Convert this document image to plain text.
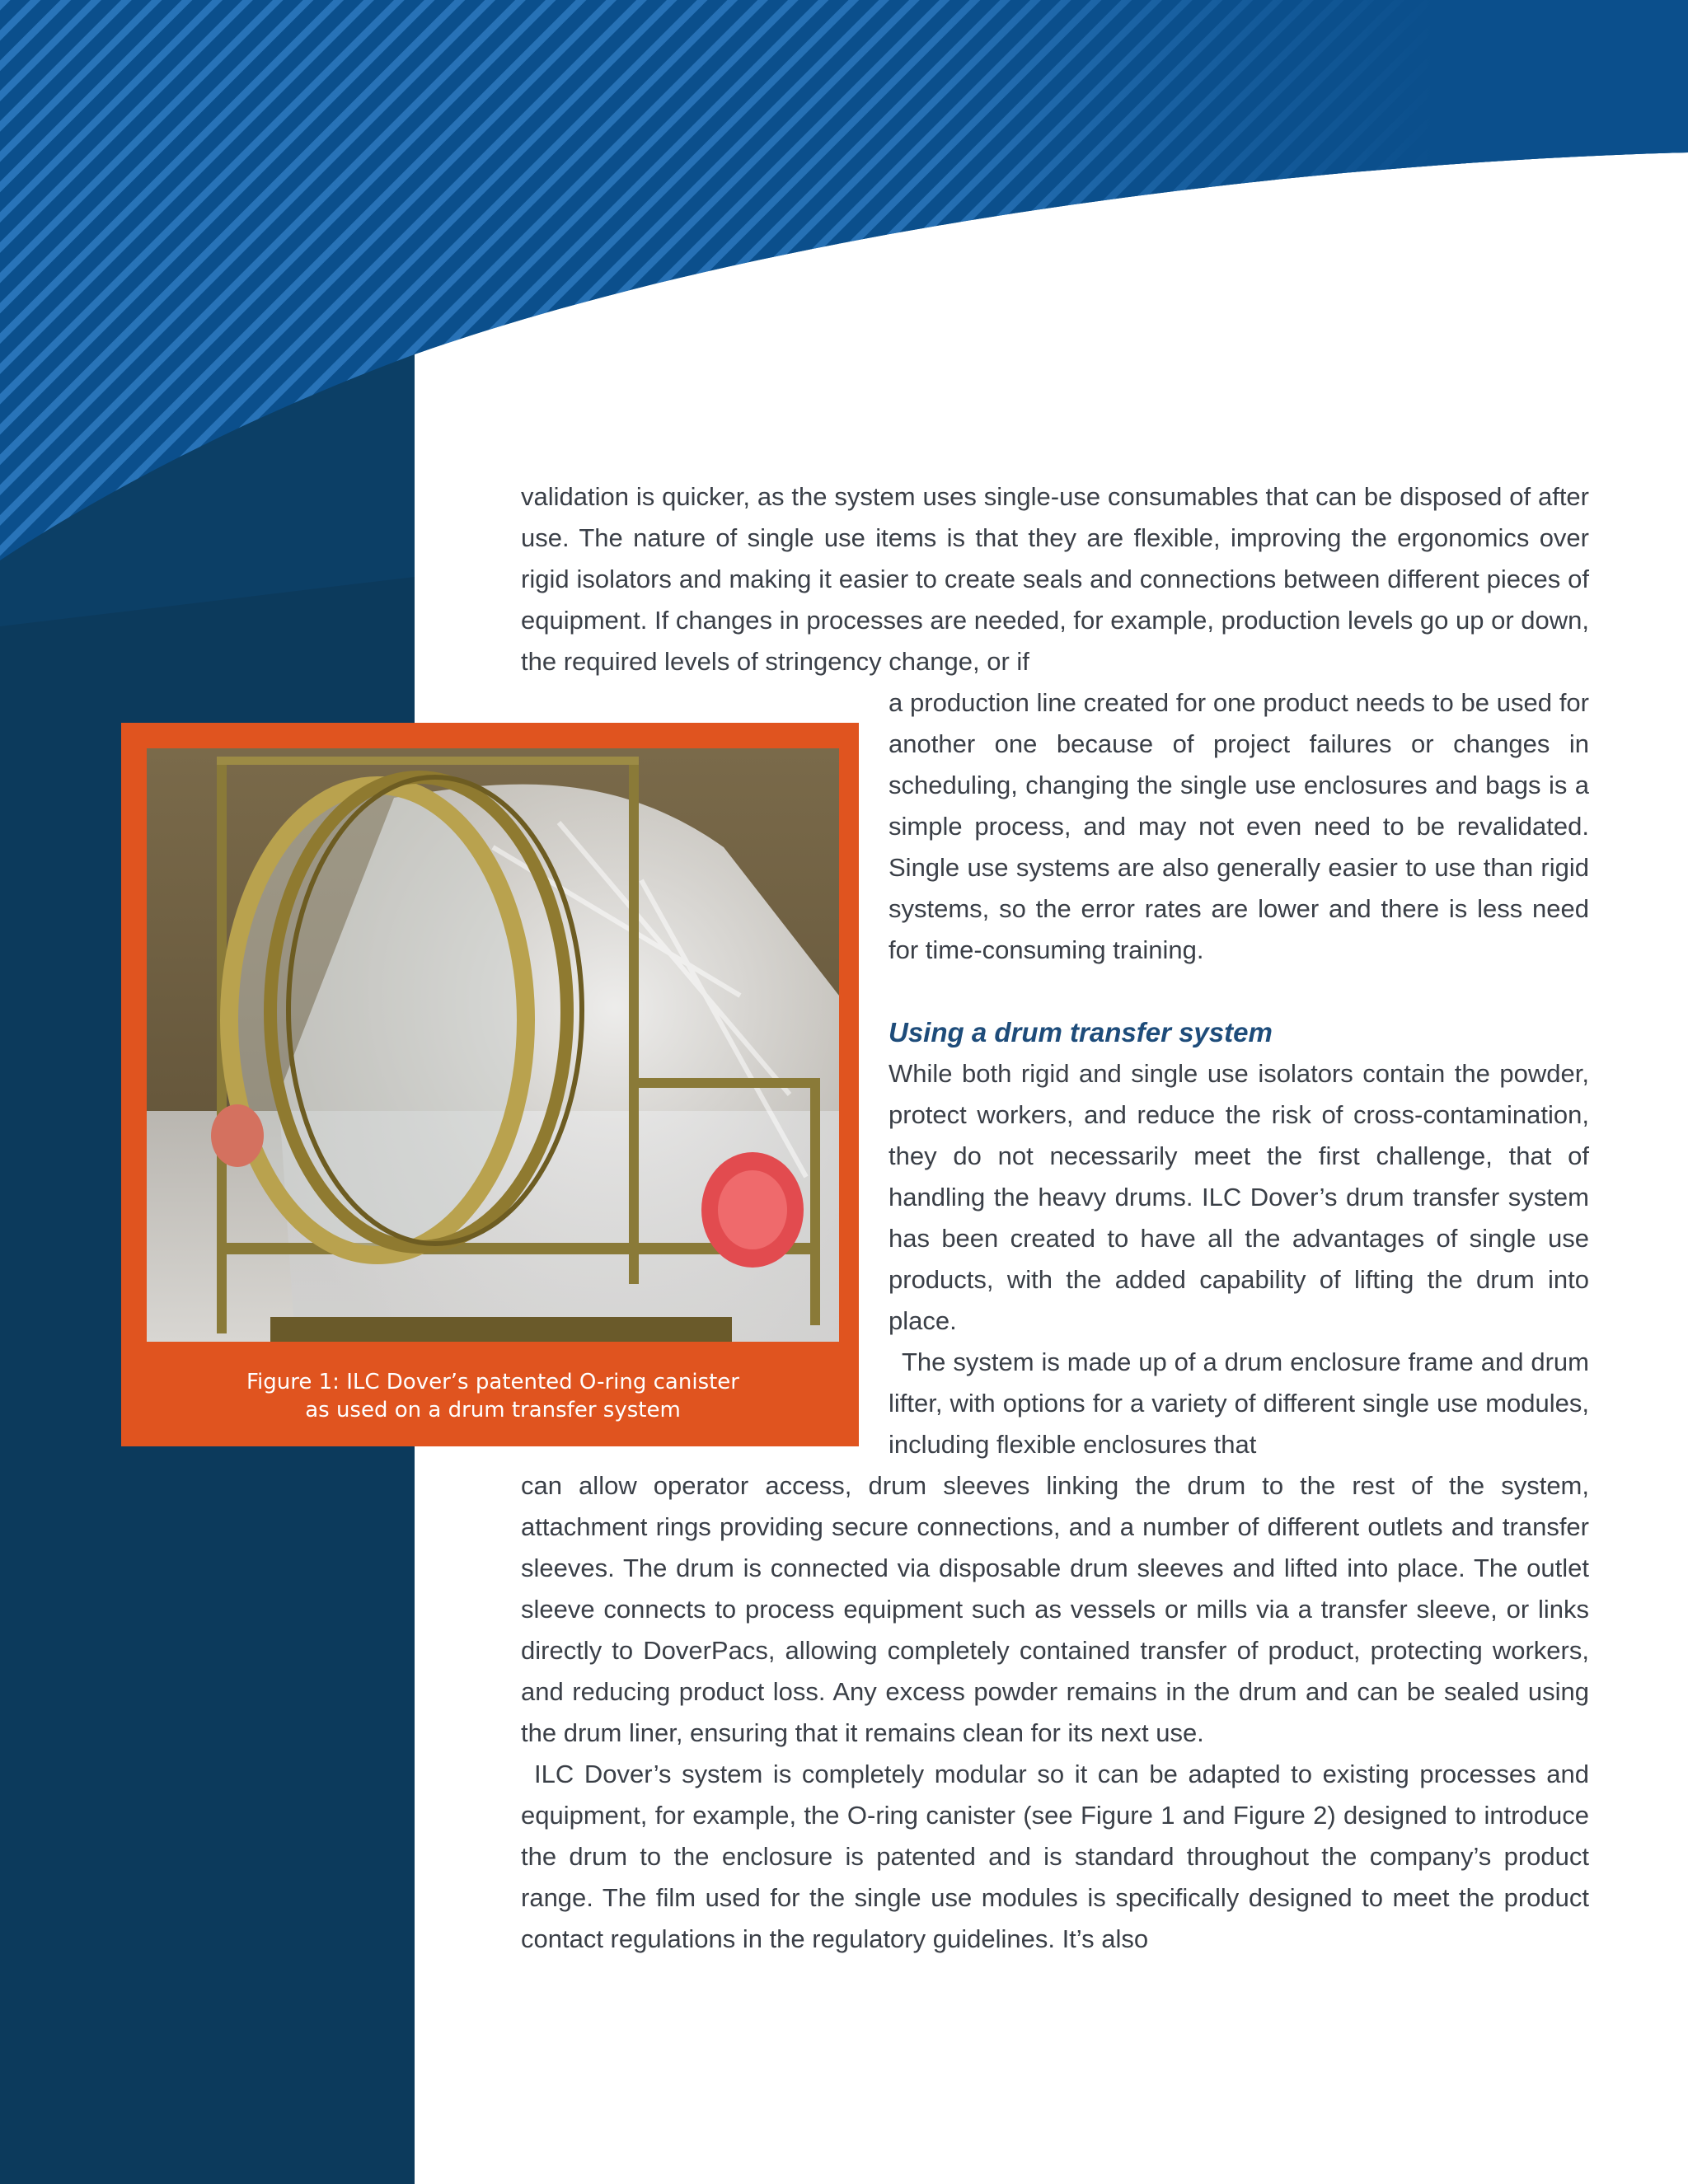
validation is quicker, as the system uses single-use consumables that can be disposed of after use. The nature of single use items is that they are flexible, improving the ergonomics over rigid isolators and making it easier to create seals and connections between different pieces of equipment. If changes in processes are needed, for example, production levels go up or down, the required levels of stringency change, or if

a production line created for one product needs to be used for another one because of project failures or changes in scheduling, changing the single use enclosures and bags is a simple process, and may not even need to be revalidated. Single use systems are also generally easier to use than rigid systems, so the error rates are lower and there is less need for time-consuming training.

Using a drum transfer system

While both rigid and single use isolators contain the powder, protect workers, and reduce the risk of cross-contamination, they do not necessarily meet the first challenge, that of handling the heavy drums. ILC Dover’s drum transfer system has been created to have all the advantages of single use products, with the added capability of lifting the drum into place.

The system is made up of a drum enclosure frame and drum lifter, with options for a variety of different single use modules, including flexible enclosures that

can allow operator access, drum sleeves linking the drum to the rest of the system, attachment rings providing secure connections, and a number of different outlets and transfer sleeves. The drum is connected via disposable drum sleeves and lifted into place. The outlet sleeve connects to process equipment such as vessels or mills via a transfer sleeve, or links directly to DoverPacs, allowing completely contained transfer of product, protecting workers, and reducing product loss. Any excess powder remains in the drum and can be sealed using the drum liner, ensuring that it remains clean for its next use.

ILC Dover’s system is completely modular so it can be adapted to existing processes and equipment, for example, the O-ring canister (see Figure 1 and Figure 2) designed to introduce the drum to the enclosure is patented and is standard throughout the company’s product range. The film used for the single use modules is specifically designed to meet the product contact regulations in the regulatory guidelines. It’s also

Figure 1: ILC Dover’s patented O-ring canister
as used on a drum transfer system
